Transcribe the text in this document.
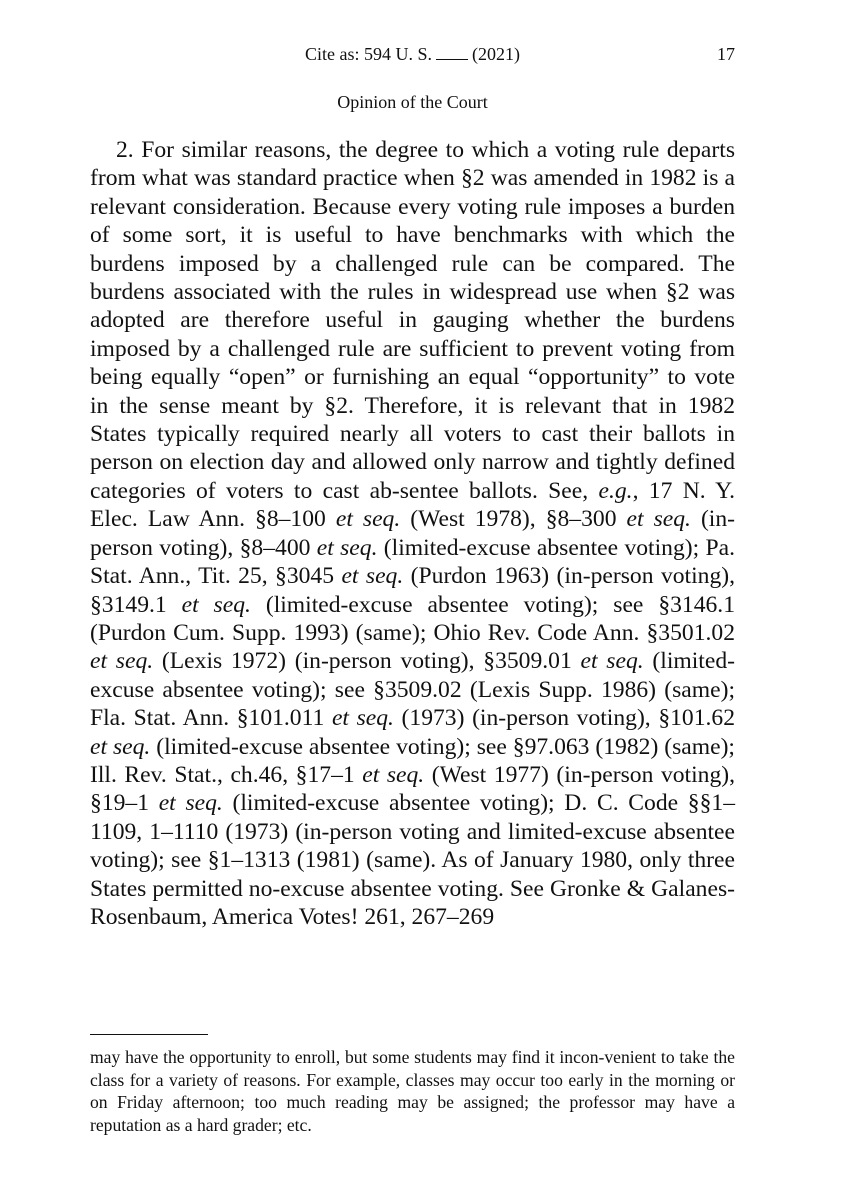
Cite as: 594 U. S. (2021)	17
Opinion of the Court

2. For similar reasons, the degree to which a voting rule departs from what was standard practice when §2 was amended in 1982 is a relevant consideration. Because every voting rule imposes a burden of some sort, it is useful to have benchmarks with which the burdens imposed by a challenged rule can be compared. The burdens associated with the rules in widespread use when §2 was adopted are therefore useful in gauging whether the burdens imposed by a challenged rule are sufficient to prevent voting from being equally “open” or furnishing an equal “opportunity” to vote in the sense meant by §2. Therefore, it is relevant that in 1982 States typically required nearly all voters to cast their ballots in person on election day and allowed only narrow and tightly defined categories of voters to cast ab-sentee ballots. See, e.g., 17 N. Y. Elec. Law Ann. §8–100 et seq. (West 1978), §8–300 et seq. (in-person voting), §8–400 et seq. (limited-excuse absentee voting); Pa. Stat. Ann., Tit. 25, §3045 et seq. (Purdon 1963) (in-person voting), §3149.1 et seq. (limited-excuse absentee voting); see §3146.1 (Purdon Cum. Supp. 1993) (same); Ohio Rev. Code Ann. §3501.02 et seq. (Lexis 1972) (in-person voting), §3509.01 et seq. (limited-excuse absentee voting); see §3509.02 (Lexis Supp. 1986) (same); Fla. Stat. Ann. §101.011 et seq. (1973) (in-person voting), §101.62 et seq. (limited-excuse absentee voting); see §97.063 (1982) (same); Ill. Rev. Stat., ch.46, §17–1 et seq. (West 1977) (in-person voting), §19–1 et seq. (limited-excuse absentee voting); D. C. Code §§1–1109, 1–1110 (1973) (in-person voting and limited-excuse absentee voting); see §1–1313 (1981) (same). As of January 1980, only three States permitted no-excuse absentee voting. See Gronke & Galanes-Rosenbaum, America Votes! 261, 267–269

may have the opportunity to enroll, but some students may find it incon-venient to take the class for a variety of reasons. For example, classes may occur too early in the morning or on Friday afternoon; too much reading may be assigned; the professor may have a reputation as a hard grader; etc.
